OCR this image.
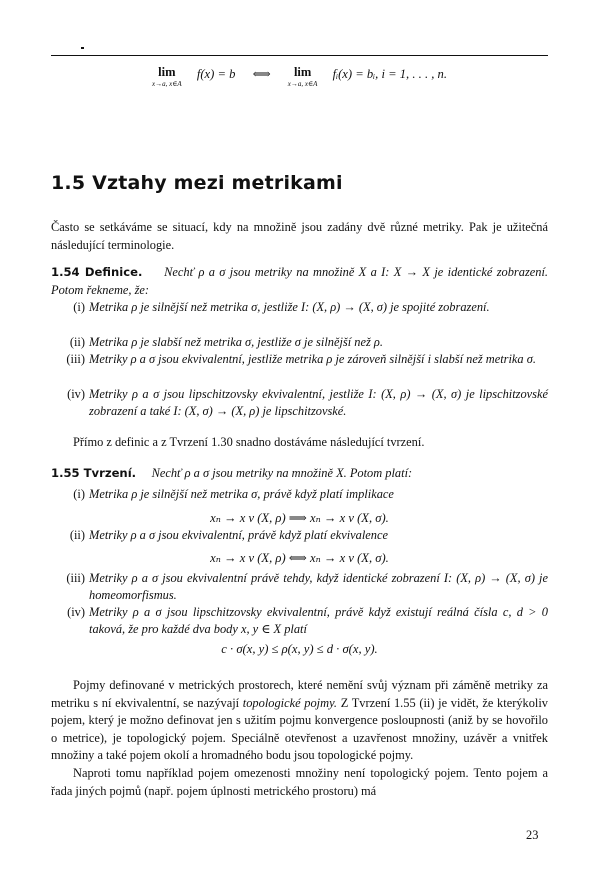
lim
x→a, x∈A
f(x) = b ⟺	lim
x→a, x∈A
fᵢ(x) = bᵢ, i = 1, . . . , n.
1.5 Vztahy mezi metrikami

Často se setkáváme se situací, kdy na množině jsou zadány dvě různé metriky. Pak je užitečná následující terminologie.

1.54 Definice. Nechť ρ a σ jsou metriky na množině X a I: X → X je identické zobrazení. Potom řekneme, že:

(i) Metrika ρ je silnější než metrika σ, jestliže I: (X, ρ) → (X, σ) je spojité zobrazení.
(ii) Metrika ρ je slabší než metrika σ, jestliže σ je silnější než ρ.
(iii) Metriky ρ a σ jsou ekvivalentní, jestliže metrika ρ je zároveň silnější i slabší než metrika σ.
(iv) Metriky ρ a σ jsou lipschitzovsky ekvivalentní, jestliže I: (X, ρ) → (X, σ) je lipschitzovské zobrazení a také I: (X, σ) → (X, ρ) je lipschitzovské.

Přímo z definic a z Tvrzení 1.30 snadno dostáváme následující tvrzení.

1.55 Tvrzení. Nechť ρ a σ jsou metriky na množině X. Potom platí:

(i) Metrika ρ je silnější než metrika σ, právě když platí implikace
xₙ → x v (X, ρ) ⟹ xₙ → x v (X, σ).
(ii) Metriky ρ a σ jsou ekvivalentní, právě když platí ekvivalence
xₙ → x v (X, ρ) ⟺ xₙ → x v (X, σ).
(iii) Metriky ρ a σ jsou ekvivalentní právě tehdy, když identické zobrazení I: (X, ρ) → (X, σ) je homeomorfismus.
(iv) Metriky ρ a σ jsou lipschitzovsky ekvivalentní, právě když existují reálná čísla c, d > 0 taková, že pro každé dva body x, y ∈ X platí
c · σ(x, y) ≤ ρ(x, y) ≤ d · σ(x, y).

Pojmy definované v metrických prostorech, které nemění svůj význam při záměně metriky za metriku s ní ekvivalentní, se nazývají topologické pojmy. Z Tvrzení 1.55 (ii) je vidět, že kterýkoliv pojem, který je možno definovat jen s užitím pojmu konvergence posloupnosti (aniž by se hovořilo o metrice), je topologický pojem. Speciálně otevřenost a uzavřenost množiny, uzávěr a vnitřek množiny a také pojem okolí a hromadného bodu jsou topologické pojmy.

Naproti tomu například pojem omezenosti množiny není topologický pojem. Tento pojem a řada jiných pojmů (např. pojem úplnosti metrického prostoru) má

23
